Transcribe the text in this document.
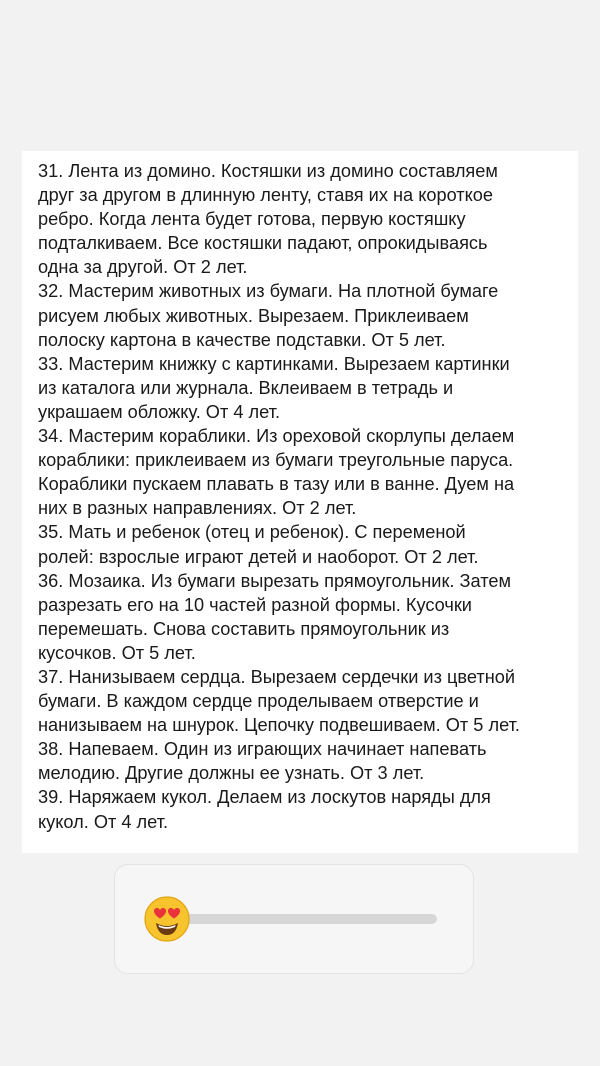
31. Лента из домино. Костяшки из домино составляем
друг за другом в длинную ленту, ставя их на короткое
ребро. Когда лента будет готова, первую костяшку
подталкиваем. Все костяшки падают, опрокидываясь
одна за другой. От 2 лет.

32. Мастерим животных из бумаги. На плотной бумаге
рисуем любых животных. Вырезаем. Приклеиваем
полоску картона в качестве подставки. От 5 лет.

33. Мастерим книжку с картинками. Вырезаем картинки
из каталога или журнала. Вклеиваем в тетрадь и
украшаем обложку. От 4 лет.

34. Мастерим кораблики. Из ореховой скорлупы делаем
кораблики: приклеиваем из бумаги треугольные паруса.
Кораблики пускаем плавать в тазу или в ванне. Дуем на
них в разных направлениях. От 2 лет.

35. Мать и ребенок (отец и ребенок). С переменой
ролей: взрослые играют детей и наоборот. От 2 лет.

36. Мозаика. Из бумаги вырезать прямоугольник. Затем
разрезать его на 10 частей разной формы. Кусочки
перемешать. Снова составить прямоугольник из
кусочков. От 5 лет.

37. Нанизываем сердца. Вырезаем сердечки из цветной
бумаги. В каждом сердце проделываем отверстие и
нанизываем на шнурок. Цепочку подвешиваем. От 5 лет.

38. Напеваем. Один из играющих начинает напевать
мелодию. Другие должны ее узнать. От 3 лет.

39. Наряжаем кукол. Делаем из лоскутов наряды для
кукол. От 4 лет.
